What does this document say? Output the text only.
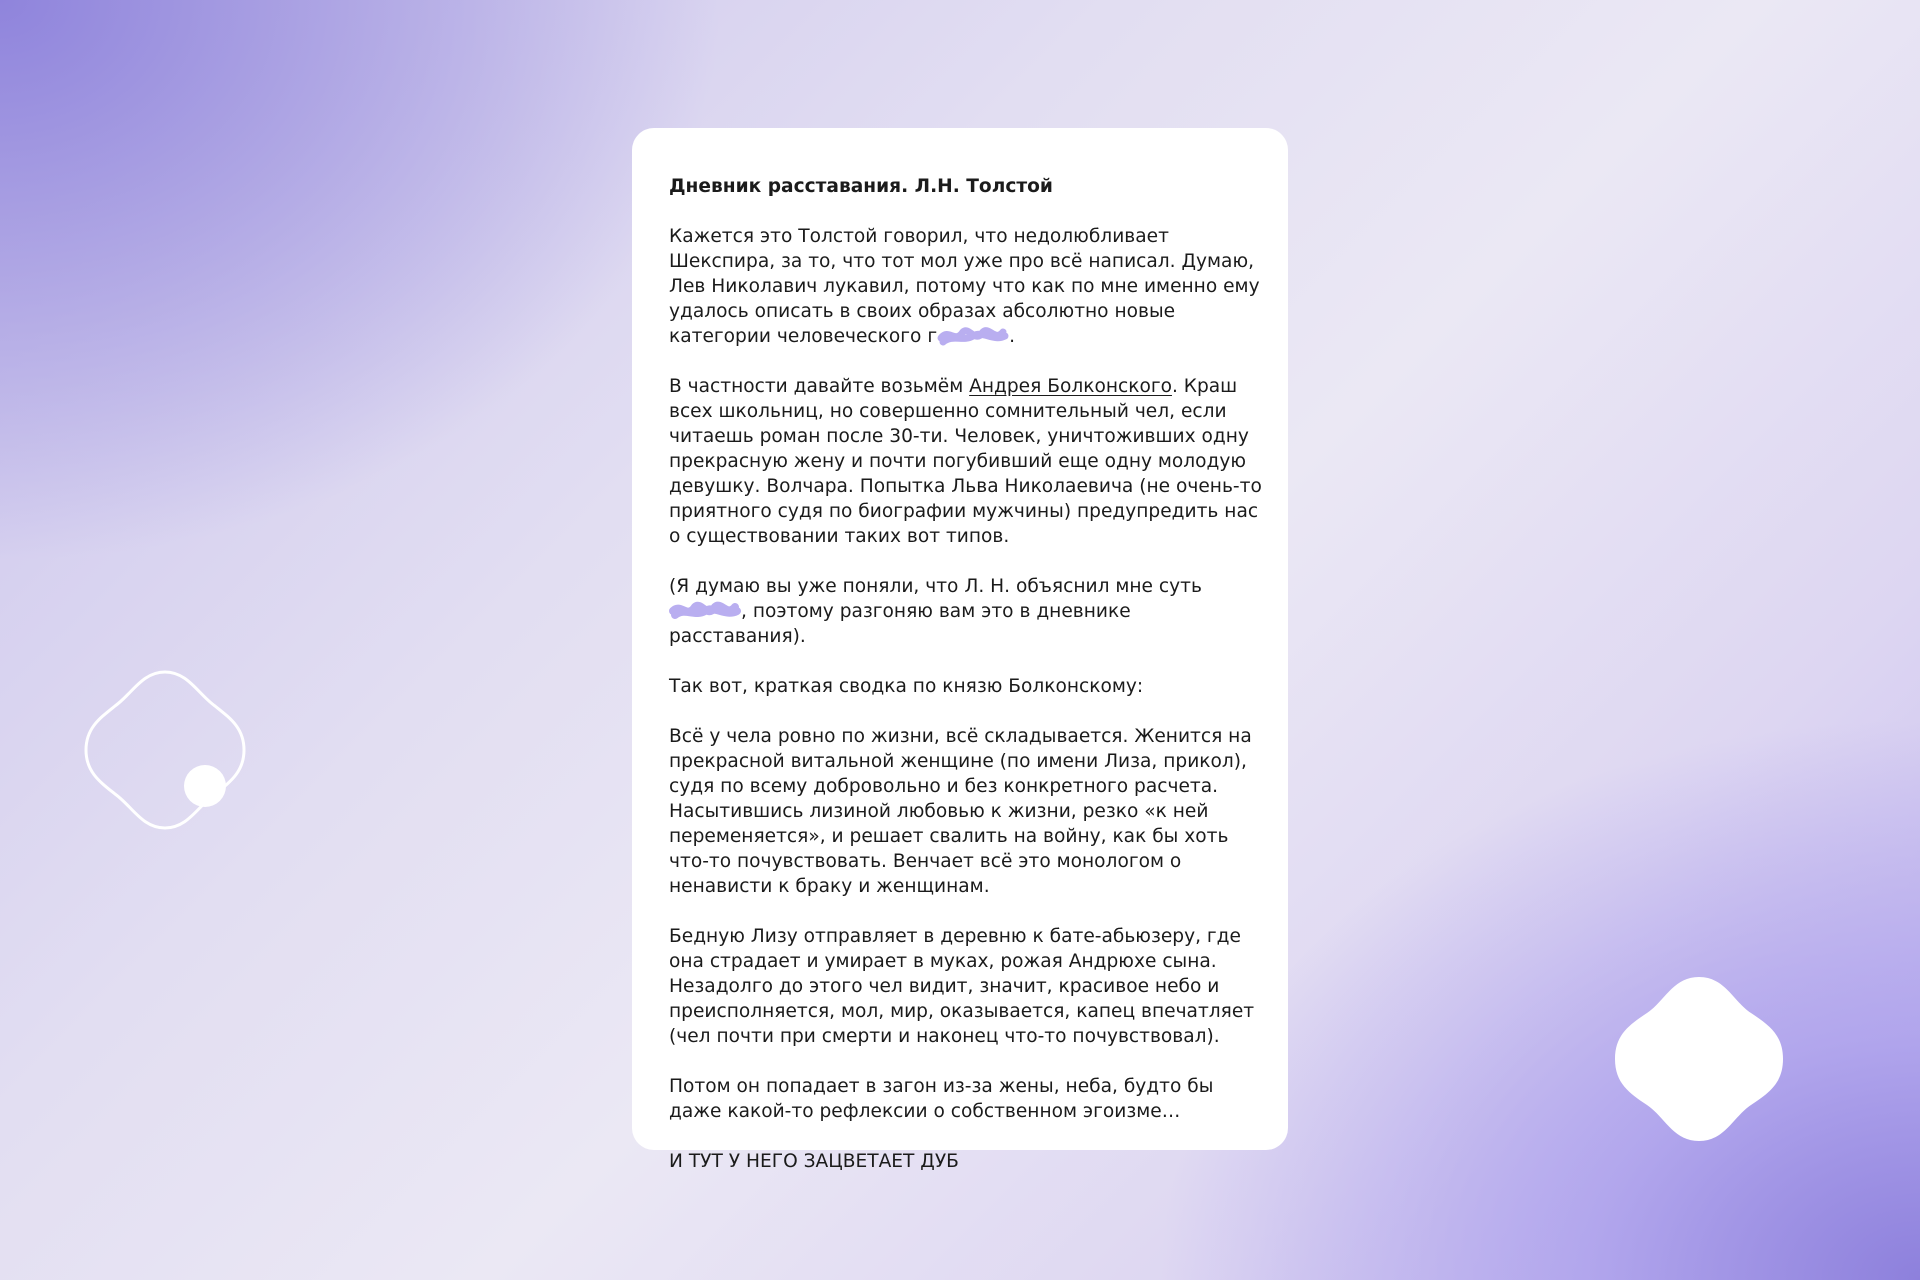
Дневник расставания. Л.Н. Толстой

Кажется это Толстой говорил, что недолюбливает Шекспира, за то, что тот мол уже про всё написал. Думаю, Лев Николавич лукавил, потому что как по мне именно ему удалось описать в своих образах абсолютно новые категории человеческого г	.

В частности давайте возьмём Андрея Болконского. Краш всех школьниц, но совершенно сомнительный чел, если читаешь роман после 30-ти. Человек, уничтоживших одну прекрасную жену и почти погубивший еще одну молодую девушку. Волчара. Попытка Льва Николаевича (не очень-то приятного судя по биографии мужчины) предупредить нас о существовании таких вот типов.

(Я думаю вы уже поняли, что Л. Н. объяснил мне суть
, поэтому разгоняю вам это в дневнике расставания).

Так вот, краткая сводка по князю Болконскому:

Всё у чела ровно по жизни, всё складывается. Женится на прекрасной витальной женщине (по имени Лиза, прикол), судя по всему добровольно и без конкретного расчета. Насытившись лизиной любовью к жизни, резко «к ней переменяется», и решает свалить на войну, как бы хоть что-то почувствовать. Венчает всё это монологом о ненависти к браку и женщинам.

Бедную Лизу отправляет в деревню к бате-абьюзеру, где она страдает и умирает в муках, рожая Андрюхе сына. Незадолго до этого чел видит, значит, красивое небо и преисполняется, мол, мир, оказывается, капец впечатляет (чел почти при смерти и наконец что-то почувствовал).

Потом он попадает в загон из-за жены, неба, будто бы даже какой-то рефлексии о собственном эгоизме…

И ТУТ У НЕГО ЗАЦВЕТАЕТ ДУБ
